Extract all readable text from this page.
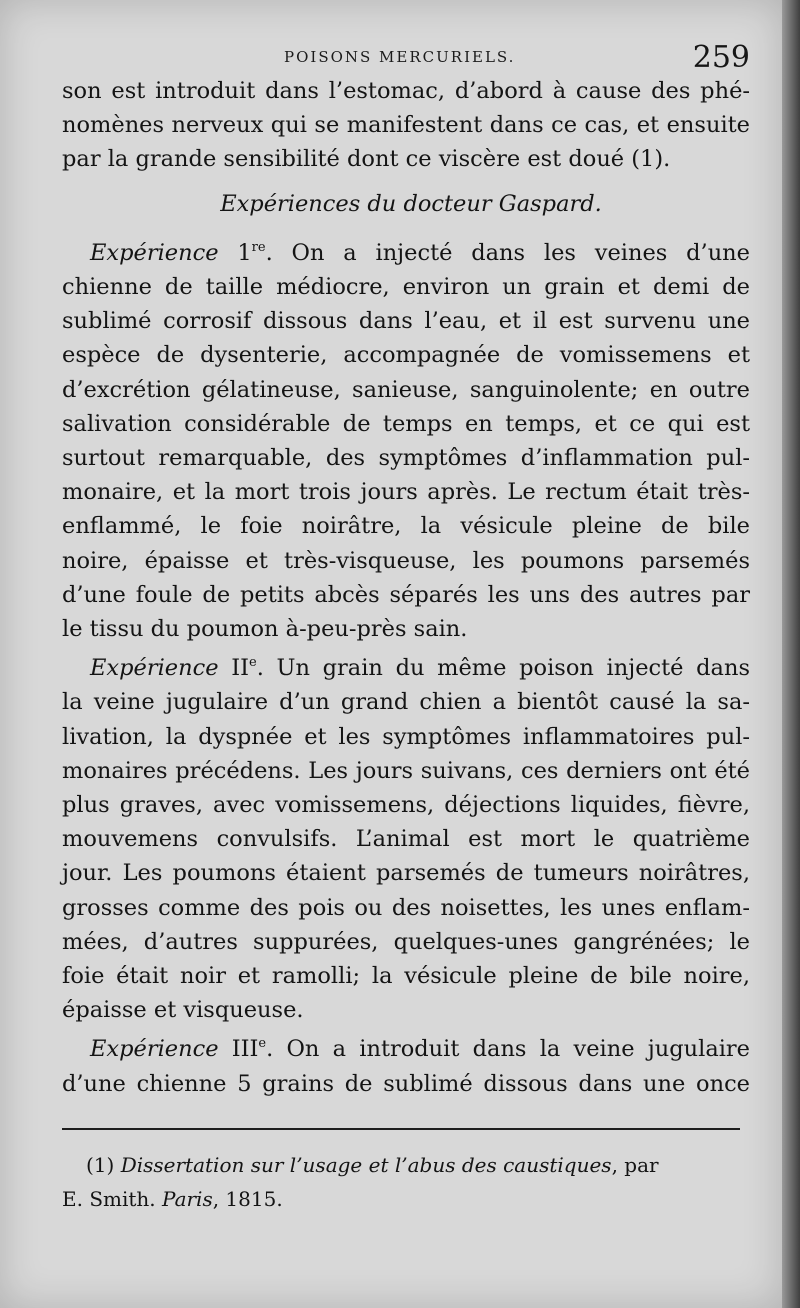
POISONS MERCURIELS.	259
son est introduit dans l’estomac, d’abord à cause des phé-
nomènes nerveux qui se manifestent dans ce cas, et ensuite
par la grande sensibilité dont ce viscère est doué (1).
Expériences du docteur Gaspard.
Expérience 1re. On a injecté dans les veines d’une
chienne de taille médiocre, environ un grain et demi de
sublimé corrosif dissous dans l’eau, et il est survenu une
espèce de dysenterie, accompagnée de vomissemens et
d’excrétion gélatineuse, sanieuse, sanguinolente; en outre
salivation considérable de temps en temps, et ce qui est
surtout remarquable, des symptômes d’inflammation pul-
monaire, et la mort trois jours après. Le rectum était très-
enflammé, le foie noirâtre, la vésicule pleine de bile
noire, épaisse et très-visqueuse, les poumons parsemés
d’une foule de petits abcès séparés les uns des autres par
le tissu du poumon à-peu-près sain.
Expérience IIe. Un grain du même poison injecté dans
la veine jugulaire d’un grand chien a bientôt causé la sa-
livation, la dyspnée et les symptômes inflammatoires pul-
monaires précédens. Les jours suivans, ces derniers ont été
plus graves, avec vomissemens, déjections liquides, fièvre,
mouvemens convulsifs. L’animal est mort le quatrième
jour. Les poumons étaient parsemés de tumeurs noirâtres,
grosses comme des pois ou des noisettes, les unes enflam-
mées, d’autres suppurées, quelques-unes gangrénées; le
foie était noir et ramolli; la vésicule pleine de bile noire,
épaisse et visqueuse.
Expérience IIIe. On a introduit dans la veine jugulaire
d’une chienne 5 grains de sublimé dissous dans une once
(1) Dissertation sur l’usage et l’abus des caustiques, par
E. Smith. Paris, 1815.
